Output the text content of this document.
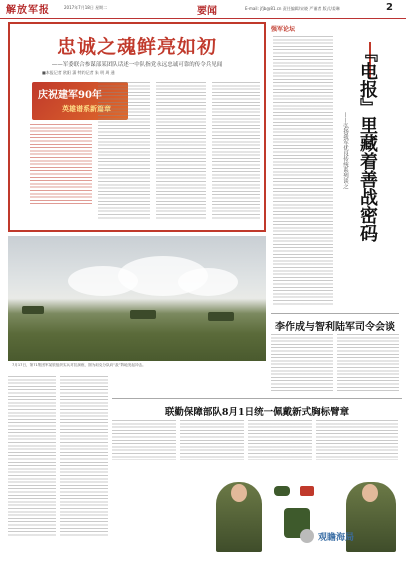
解放军报	2017年7月18日 星期二	要闻	E-mail: jfjb@81.cn 责任编辑/宋晓 严谨者 版式/姜琳	2
忠诚之魂鲜亮如初
——军委联合参谋部某团队话述一中队指党永远忠诚可靠的传令兵见闻
■本报记者 欧阳 潇 特约记者 朱 明 周 通
庆祝建军90年
英雄谱系新篇章
7月17日，第71集团军某旅组织实兵对抗演练，图为坦克分队向“敌”阵地发起冲击。
强军论坛
『电报』里藏着善战密码
——弘扬我军优良传统系列谈之
李作成与智利陆军司令会谈
联勤保障部队8月1日统一佩戴新式胸标臂章
观瞻海局
